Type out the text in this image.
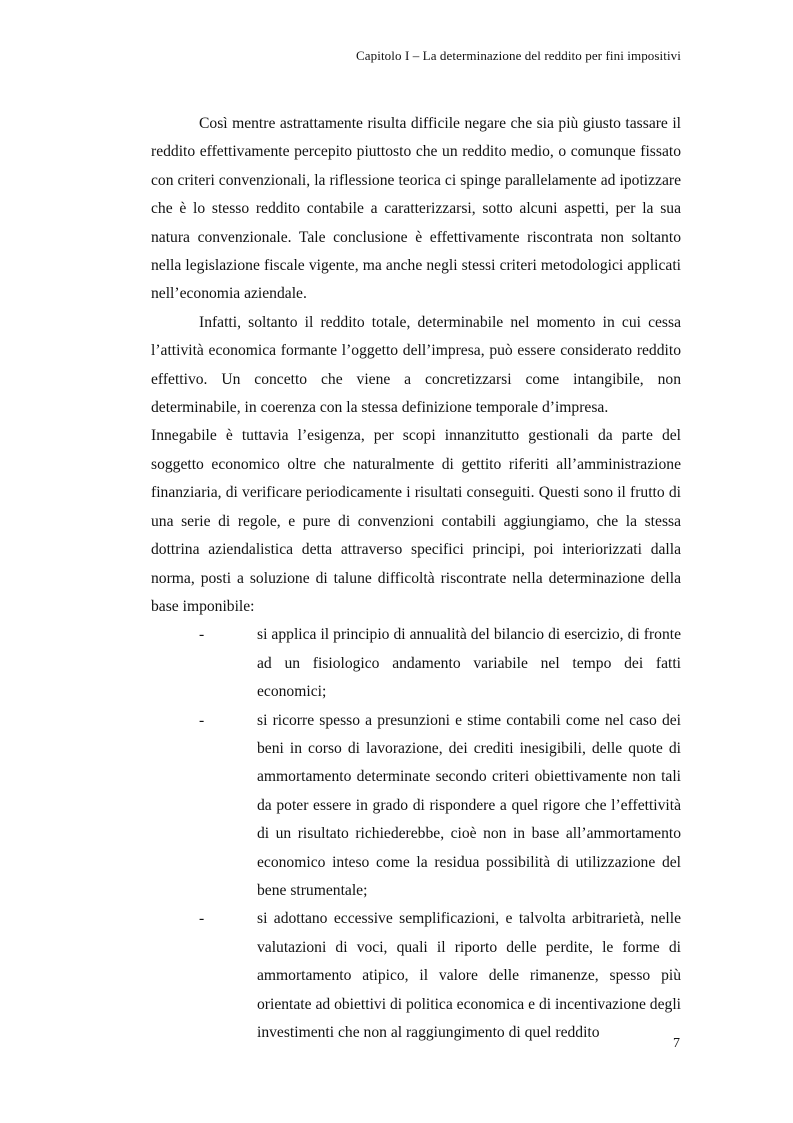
Capitolo I – La determinazione del reddito per fini impositivi

Così mentre astrattamente risulta difficile negare che sia più giusto tassare il reddito effettivamente percepito piuttosto che un reddito medio, o comunque fissato con criteri convenzionali, la riflessione teorica ci spinge parallelamente ad ipotizzare che è lo stesso reddito contabile a caratterizzarsi, sotto alcuni aspetti, per la sua natura convenzionale. Tale conclusione è effettivamente riscontrata non soltanto nella legislazione fiscale vigente, ma anche negli stessi criteri metodologici applicati nell’economia aziendale.

Infatti, soltanto il reddito totale, determinabile nel momento in cui cessa l’attività economica formante l’oggetto dell’impresa, può essere considerato reddito effettivo. Un concetto che viene a concretizzarsi come intangibile, non determinabile, in coerenza con la stessa definizione temporale d’impresa.

Innegabile è tuttavia l’esigenza, per scopi innanzitutto gestionali da parte del soggetto economico oltre che naturalmente di gettito riferiti all’amministrazione finanziaria, di verificare periodicamente i risultati conseguiti. Questi sono il frutto di una serie di regole, e pure di convenzioni contabili aggiungiamo, che la stessa dottrina aziendalistica detta attraverso specifici principi, poi interiorizzati dalla norma, posti a soluzione di talune difficoltà riscontrate nella determinazione della base imponibile:

-	si applica il principio di annualità del bilancio di esercizio, di fronte ad un fisiologico andamento variabile nel tempo dei fatti economici;
-	si ricorre spesso a presunzioni e stime contabili come nel caso dei beni in corso di lavorazione, dei crediti inesigibili, delle quote di ammortamento determinate secondo criteri obiettivamente non tali da poter essere in grado di rispondere a quel rigore che l’effettività di un risultato richiederebbe, cioè non in base all’ammortamento economico inteso come la residua possibilità di utilizzazione del bene strumentale;
-	si adottano eccessive semplificazioni, e talvolta arbitrarietà, nelle valutazioni di voci, quali il riporto delle perdite, le forme di ammortamento atipico, il valore delle rimanenze, spesso più orientate ad obiettivi di politica economica e di incentivazione degli investimenti che non al raggiungimento di quel reddito
7
